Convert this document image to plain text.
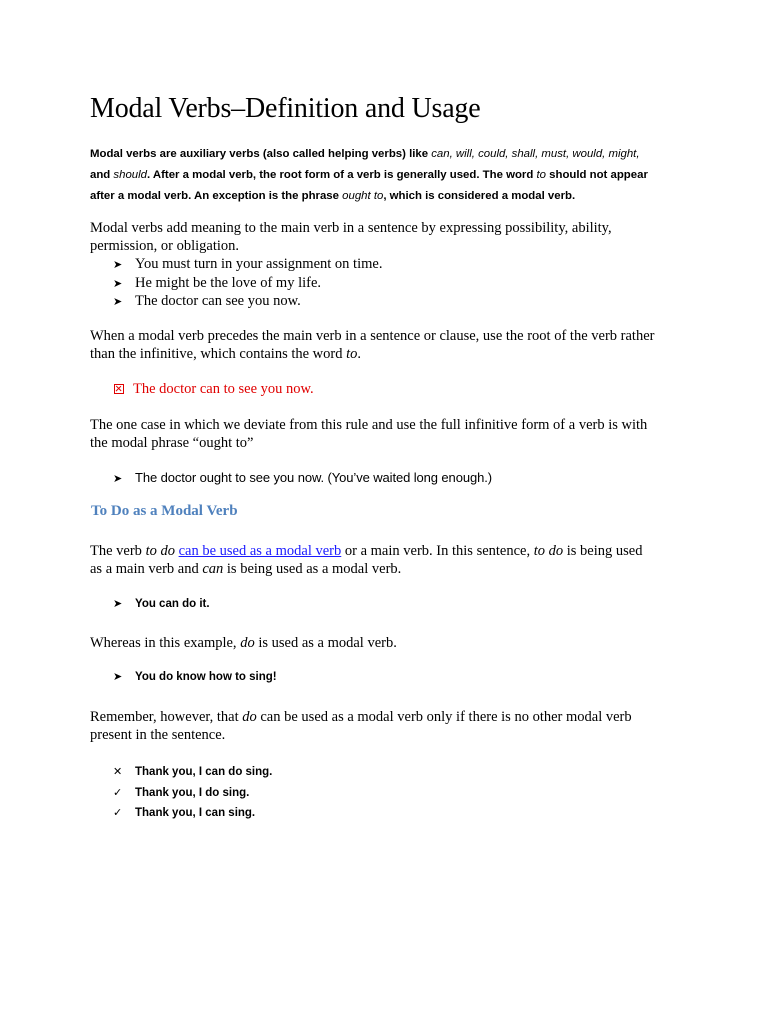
Modal Verbs–Definition and Usage
Modal verbs are auxiliary verbs (also called helping verbs) like can, will, could, shall, must, would, might,
and should. After a modal verb, the root form of a verb is generally used. The word to should not appear
after a modal verb. An exception is the phrase ought to, which is considered a modal verb.
Modal verbs add meaning to the main verb in a sentence by expressing possibility, ability,
permission, or obligation.
➤ You must turn in your assignment on time.
➤ He might be the love of my life.
➤ The doctor can see you now.
When a modal verb precedes the main verb in a sentence or clause, use the root of the verb rather
than the infinitive, which contains the word to.
The doctor can to see you now.
The one case in which we deviate from this rule and use the full infinitive form of a verb is with
the modal phrase “ought to”
➤ The doctor ought to see you now. (You’ve waited long enough.)
To Do as a Modal Verb
The verb to do can be used as a modal verb or a main verb. In this sentence, to do is being used
as a main verb and can is being used as a modal verb.
➤ You can do it.
Whereas in this example, do is used as a modal verb.
➤ You do know how to sing!
Remember, however, that do can be used as a modal verb only if there is no other modal verb
present in the sentence.
✕ Thank you, I can do sing.
✓ Thank you, I do sing.
✓ Thank you, I can sing.
